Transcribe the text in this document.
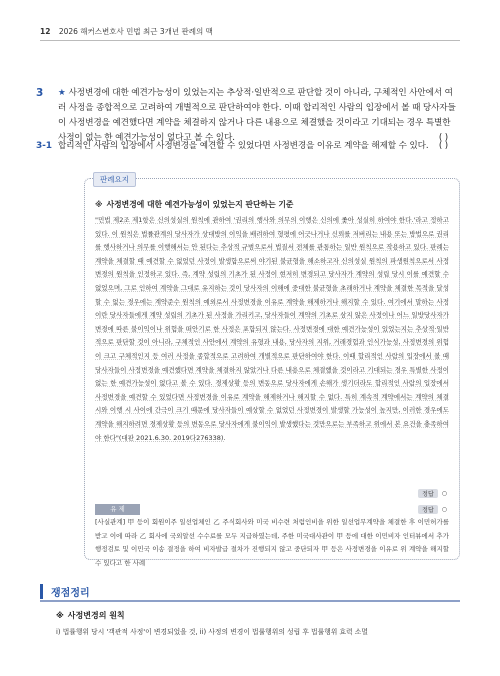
12 2026 해커스변호사 민법 최근 3개년 판례의 맥
3 ★ 사정변경에 대한 예견가능성이 있었는지는 추상적·일반적으로 판단할 것이 아니라, 구체적인 사안에서 여러 사정을 종합적으로 고려하여 개별적으로 판단하여야 한다. 이때 합리적인 사람의 입장에서 볼 때 당사자들이 사정변경을 예견했다면 계약을 체결하지 않거나 다른 내용으로 체결했을 것이라고 기대되는 경우 특별한 사정이 없는 한 예견가능성이 없다고 볼 수 있다.	( )
3-1 합리적인 사람의 입장에서 사정변경을 예견할 수 있었다면 사정변경을 이유로 계약을 해제할 수 있다. ( )
판례요지
※ 사정변경에 대한 예견가능성이 있었는지 판단하는 기준
"민법 제2조 제1항은 신의성실의 원칙에 관하여 '권리의 행사와 의무의 이행은 신의에 좇아 성실히 하여야 한다.'라고 정하고 있다. 이 원칙은 법률관계의 당사자가 상대방의 이익을 배려하여 형평에 어긋나거나 신뢰를 저버리는 내용 또는 방법으로 권리를 행사하거나 의무를 이행해서는 안 된다는 추상적 규범으로서 법질서 전체를 관통하는 일반 원칙으로 작용하고 있다. 판례는 계약을 체결할 때 예견할 수 없었던 사정이 발생함으로써 야기된 불균형을 해소하고자 신의성실 원칙의 파생원칙으로서 사정변경의 원칙을 인정하고 있다. 즉, 계약 성립의 기초가 된 사정이 현저히 변경되고 당사자가 계약의 성립 당시 이를 예견할 수 없었으며, 그로 인하여 계약을 그대로 유지하는 것이 당사자의 이해에 중대한 불균형을 초래하거나 계약을 체결한 목적을 달성할 수 없는 경우에는 계약준수 원칙의 예외로서 사정변경을 이유로 계약을 해제하거나 해지할 수 있다. 여기에서 말하는 사정이란 당사자들에게 계약 성립의 기초가 된 사정을 가리키고, 당사자들이 계약의 기초로 삼지 않은 사정이나 어느 일방당사자가 변경에 따른 불이익이나 위험을 떠안기로 한 사정은 포함되지 않는다. 사정변경에 대한 예견가능성이 있었는지는 추상적·일반적으로 판단할 것이 아니라, 구체적인 사안에서 계약의 유형과 내용, 당사자의 지위, 거래경험과 인식가능성, 사정변경의 위험이 크고 구체적인지 등 여러 사정을 종합적으로 고려하여 개별적으로 판단하여야 한다. 이때 합리적인 사람의 입장에서 볼 때 당사자들이 사정변경을 예견했다면 계약을 체결하지 않았거나 다른 내용으로 체결했을 것이라고 기대되는 경우 특별한 사정이 없는 한 예견가능성이 없다고 볼 수 있다. 경제상황 등의 변동으로 당사자에게 손해가 생기더라도 합리적인 사람의 입장에서 사정변경을 예견할 수 있었다면 사정변경을 이유로 계약을 해제하거나 해지할 수 없다. 특히 계속적 계약에서는 계약의 체결 시와 이행 시 사이에 간극이 크기 때문에 당사자들이 예상할 수 없었던 사정변경이 발생할 가능성이 높지만, 이러한 경우에도 계약을 해지하려면 경제상황 등의 변동으로 당사자에게 불이익이 발생했다는 것만으로는 부족하고 위에서 본 요건을 충족하여야 한다"(대판 2021.6.30. 2019다276338).
정답	○
유 제	정답	○
[사실관계] 甲 등이 회원이주 일선업체인 乙 주식회사와 미국 비수련 처럼인비을 위한 일선업무계약을 체결한 후 이민허가를 받고 이에 따라 乙 회사에 국외알선 수수료를 모두 지급하였는데, 주한 미국대사관이 甲 등에 대한 이민비자 인터뷰에서 추가 행정검토 및 이민국 이송 결정을 하여 비자발급 절차가 진행되지 않고 중단되자 甲 등은 사정변경을 이유로 위 계약을 해지할 수 있다고 한 사례
쟁점정리
※ 사정변경의 원칙
i) 법률행위 당시 '객관적 사정'이 변경되었을 것, ii) 사정의 변경이 법률행위의 성립 후 법률행위 효력 소멸
